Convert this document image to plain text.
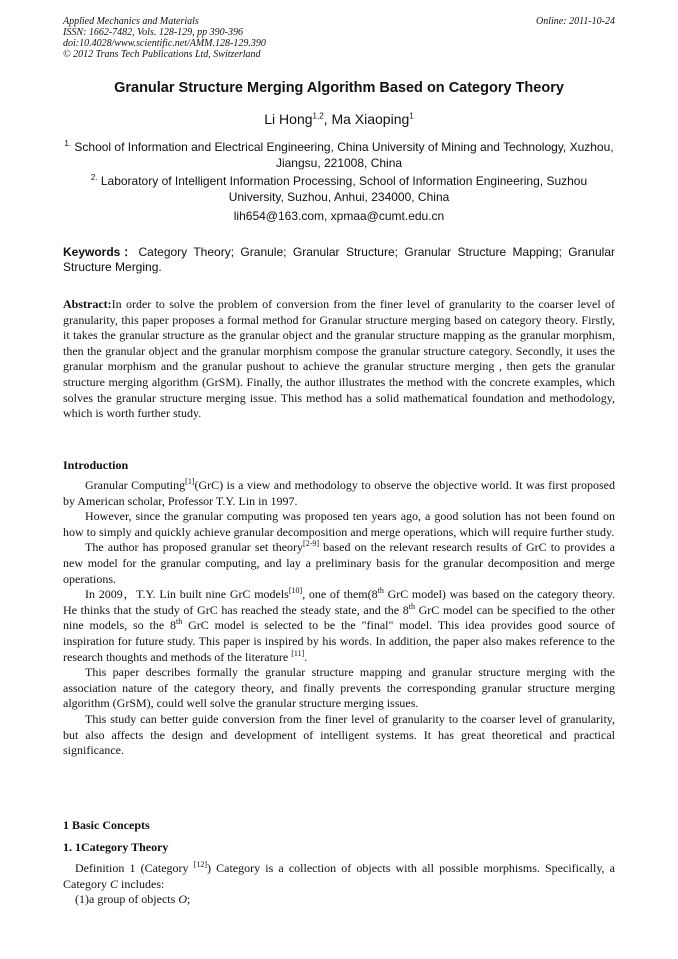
Applied Mechanics and Materials	Online: 2011-10-24
ISSN: 1662-7482, Vols. 128-129, pp 390-396
doi:10.4028/www.scientific.net/AMM.128-129.390
© 2012 Trans Tech Publications Ltd, Switzerland
Granular Structure Merging Algorithm Based on Category Theory
Li Hong$^{1,2}$, Ma Xiaoping$^1$
$^{1.}$ School of Information and Electrical Engineering, China University of Mining and Technology, Xuzhou, Jiangsu, 221008, China
$^{2.}$ Laboratory of Intelligent Information Processing, School of Information Engineering, Suzhou University, Suzhou, Anhui, 234000, China
lih654@163.com, xpmaa@cumt.edu.cn
Keywords：Category Theory; Granule; Granular Structure; Granular Structure Mapping; Granular Structure Merging.
Abstract:In order to solve the problem of conversion from the finer level of granularity to the coarser level of granularity, this paper proposes a formal method for Granular structure merging based on category theory. Firstly, it takes the granular structure as the granular object and the granular structure mapping as the granular morphism, then the granular object and the granular morphism compose the granular structure category. Secondly, it uses the granular morphism and the granular pushout to achieve the granular structure merging , then gets the granular structure merging algorithm (GrSM). Finally, the author illustrates the method with the concrete examples, which solves the granular structure merging issue. This method has a solid mathematical foundation and methodology, which is worth further study.
Introduction

Granular Computing[1](GrC) is a view and methodology to observe the objective world. It was first proposed by American scholar, Professor T.Y. Lin in 1997.

However, since the granular computing was proposed ten years ago, a good solution has not been found on how to simply and quickly achieve granular decomposition and merge operations, which will require further study.

The author has proposed granular set theory[2-9] based on the relevant research results of GrC to provides a new model for the granular computing, and lay a preliminary basis for the granular decomposition and merge operations.

In 2009，T.Y. Lin built nine GrC models[10], one of them(8th GrC model) was based on the category theory. He thinks that the study of GrC has reached the steady state, and the 8th GrC model can be specified to the other nine models, so the 8th GrC model is selected to be the "final" model. This idea provides good source of inspiration for future study. This paper is inspired by his words. In addition, the paper also makes reference to the research thoughts and methods of the literature [11].

This paper describes formally the granular structure mapping and granular structure merging with the association nature of the category theory, and finally prevents the corresponding granular structure merging algorithm (GrSM), could well solve the granular structure merging issues.

This study can better guide conversion from the finer level of granularity to the coarser level of granularity, but also affects the design and development of intelligent systems. It has great theoretical and practical significance.

1 Basic Concepts
1. 1Category Theory

Definition 1 (Category [12]) Category is a collection of objects with all possible morphisms. Specifically, a Category C includes:

(1)a group of objects O;
